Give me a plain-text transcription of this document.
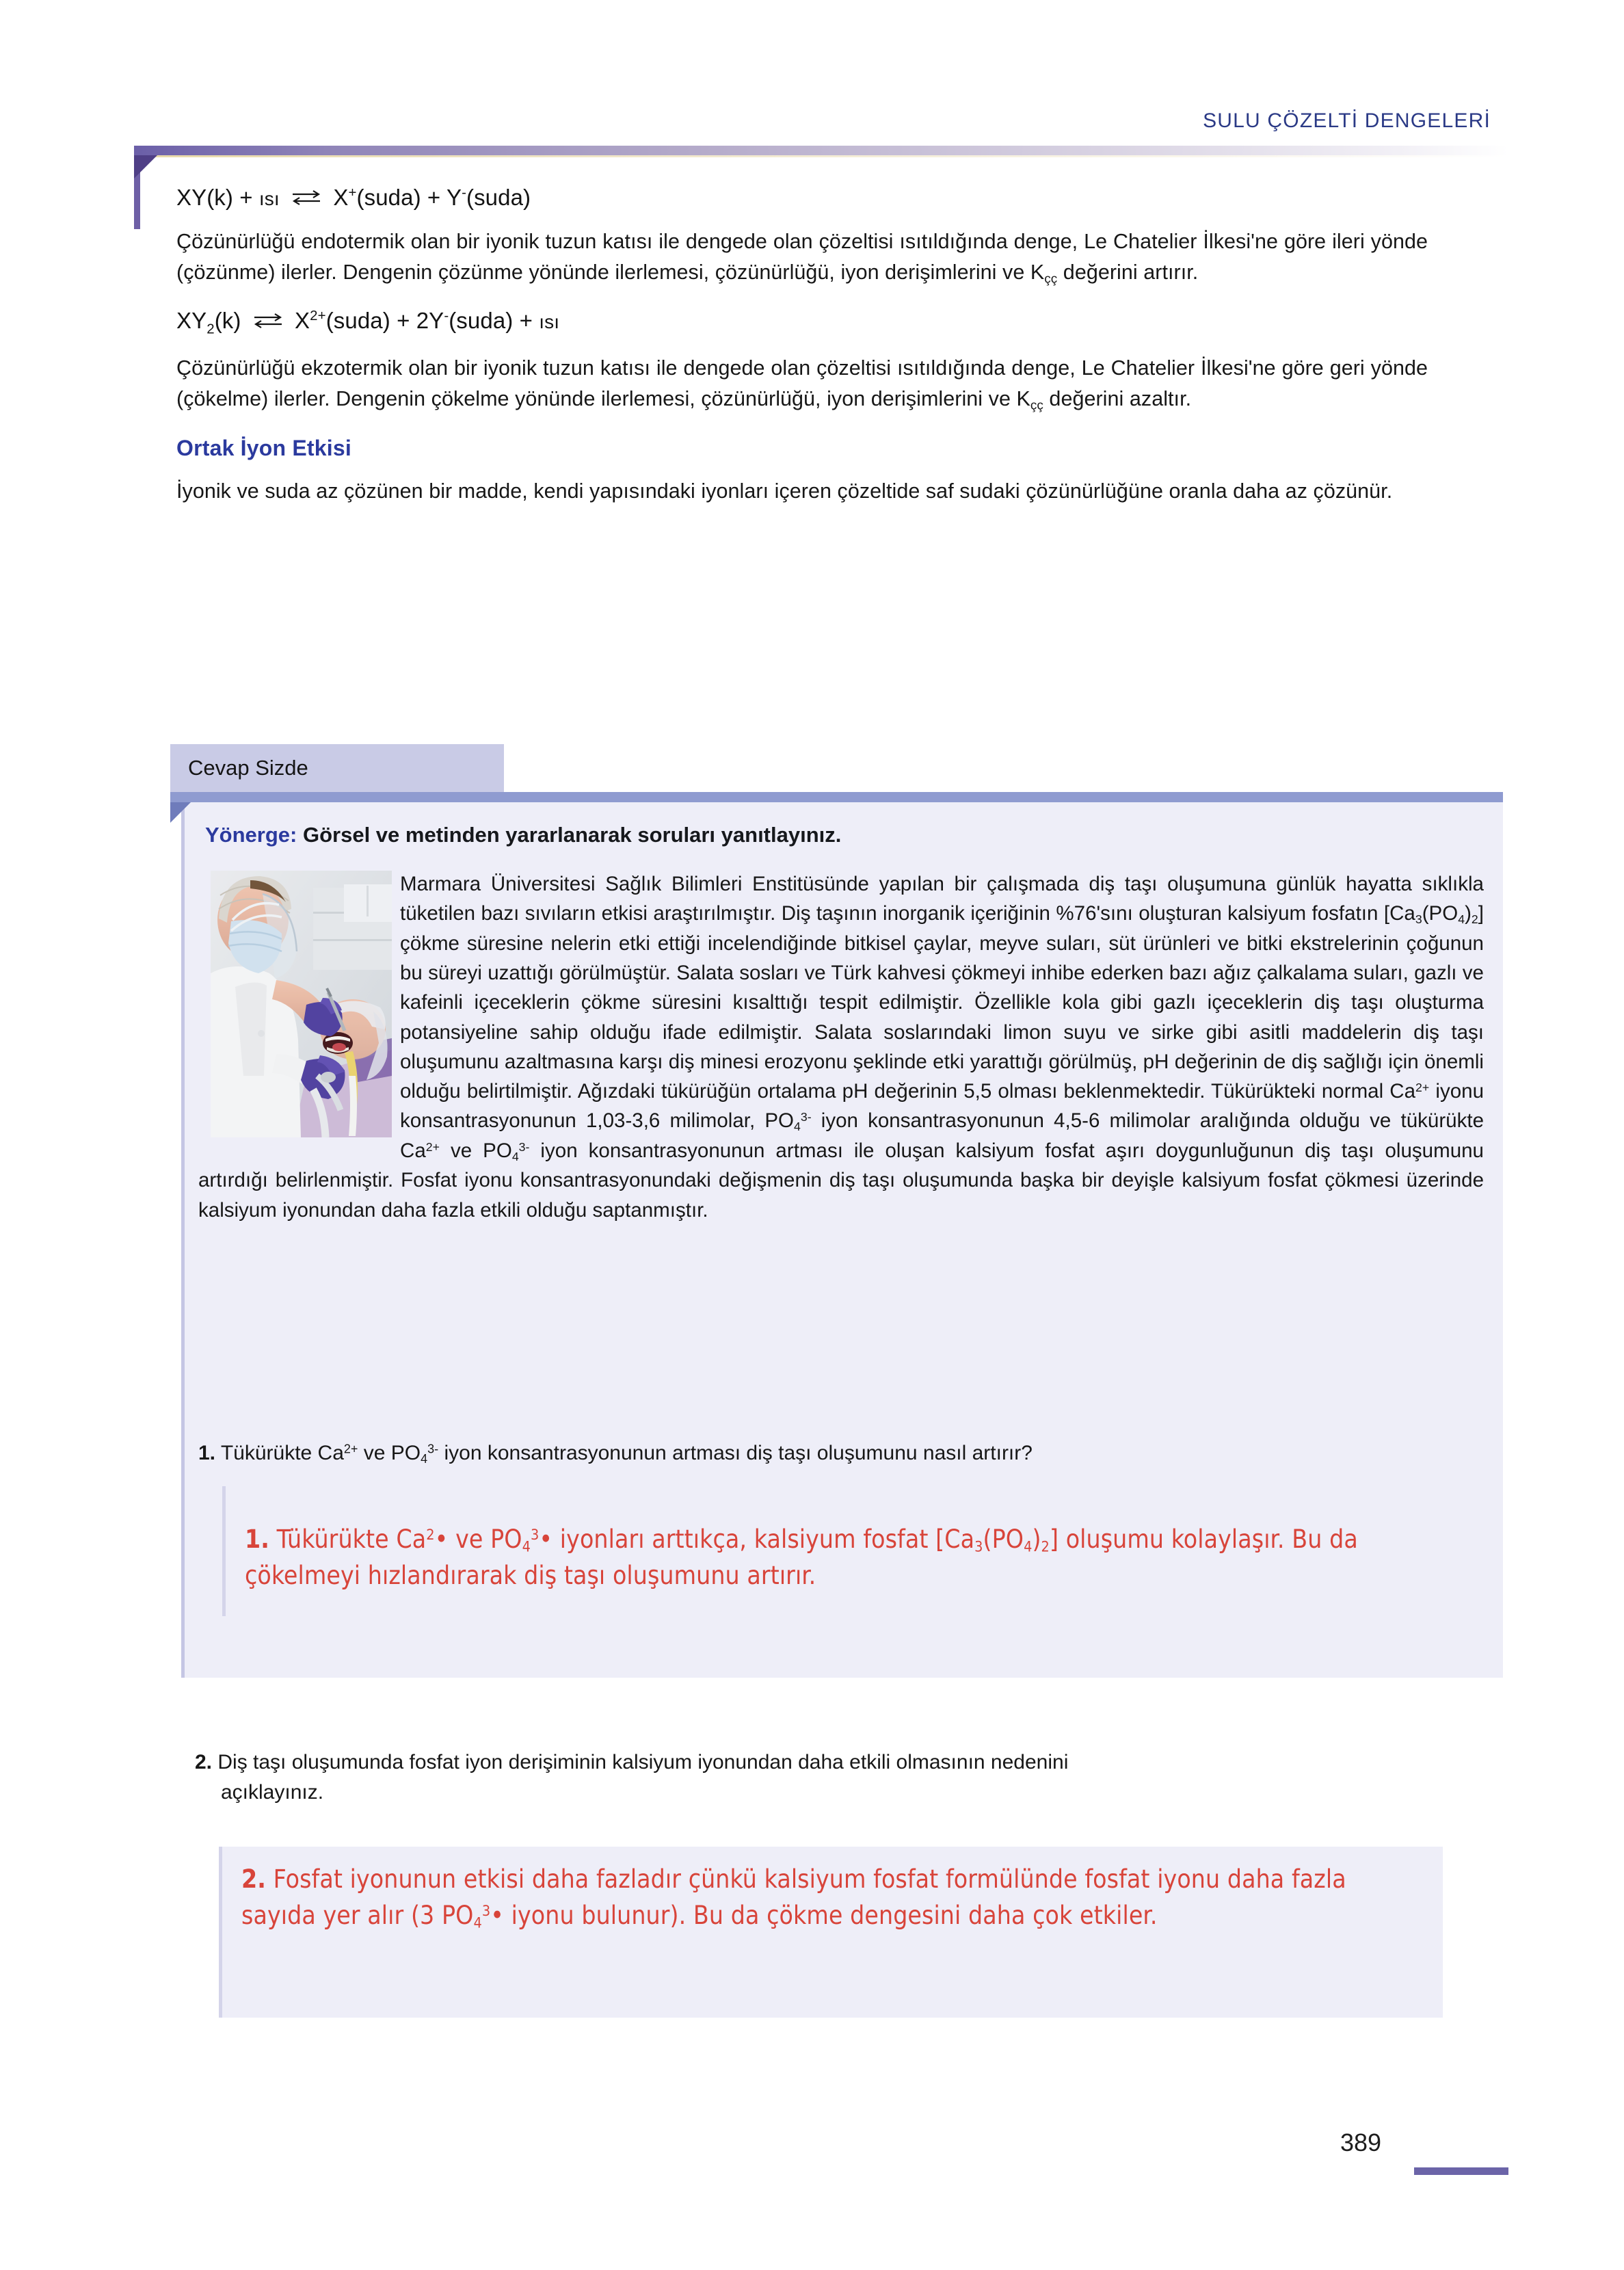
SULU ÇÖZELTİ DENGELERİ
XY(k) + ısı ⇌ X+(suda) + Y-(suda)

Çözünürlüğü endotermik olan bir iyonik tuzun katısı ile dengede olan çözeltisi ısıtıldığında denge, Le Chatelier İlkesi'ne göre ileri yönde (çözünme) ilerler. Dengenin çözünme yönünde ilerlemesi, çözünürlüğü, iyon derişimlerini ve $K_{çç}$ değerini artırır.

$XY_2(k)$ ⇌ $X^{2+}(suda)$ + 2Y-(suda) + ısı

Çözünürlüğü ekzotermik olan bir iyonik tuzun katısı ile dengede olan çözeltisi ısıtıldığında denge, Le Chatelier İlkesi'ne göre geri yönde (çökelme) ilerler. Dengenin çökelme yönünde ilerlemesi, çözünürlüğü, iyon derişimlerini ve $K_{çç}$ değerini azaltır.

Ortak İyon Etkisi

İyonik ve suda az çözünen bir madde, kendi yapısındaki iyonları içeren çözeltide saf sudaki çözünürlüğüne oranla daha az çözünür.

Cevap Sizde
Yönerge: Görsel ve metinden yararlanarak soruları yanıtlayınız.
Marmara Üniversitesi Sağlık Bilimleri Enstitüsünde yapılan bir çalışmada diş taşı oluşumuna günlük hayatta sıklıkla tüketilen bazı sıvıların etkisi araştırılmıştır. Diş taşının inorganik içeriğinin %76'sını oluşturan kalsiyum fosfatın $[Ca_3(PO_4)_2]$ çökme süresine nelerin etki ettiği incelendiğinde bitkisel çaylar, meyve suları, süt ürünleri ve bitki ekstrelerinin çoğunun bu süreyi uzattığı görülmüştür. Salata sosları ve Türk kahvesi çökmeyi inhibe ederken bazı ağız çalkalama suları, gazlı ve kafeinli içeceklerin çökme süresini kısalttığı tespit edilmiştir. Özellikle kola gibi gazlı içeceklerin diş taşı oluşturma potansiyeline sahip olduğu ifade edilmiştir. Salata soslarındaki limon suyu ve sirke gibi asitli maddelerin diş taşı oluşumunu azaltmasına karşı diş minesi erozyonu şeklinde etki yarattığı görülmüş, pH değerinin de diş sağlığı için önemli olduğu belirtilmiştir. Ağızdaki tükürüğün ortalama pH değerinin 5,5 olması beklenmektedir. Tükürükteki normal $Ca^{2+}$ iyonu konsantrasyonunun 1,03-3,6 milimolar, $PO_4^{3-}$ iyon konsantrasyonunun 4,5-6 milimolar aralığında olduğu ve tükürükte $Ca^{2+}$ ve $PO_4^{3-}$ iyon konsantrasyonunun artması ile oluşan kalsiyum fosfat aşırı doygunluğunun diş taşı oluşumunu artırdığı belirlenmiştir. Fosfat iyonu konsantrasyonundaki değişmenin diş taşı oluşumunda başka bir deyişle kalsiyum fosfat çökmesi üzerinde kalsiyum iyonundan daha fazla etkili olduğu saptanmıştır.
1. Tükürükte $Ca^{2+}$ ve $PO_4^{3-}$ iyon konsantrasyonunun artması diş taşı oluşumunu nasıl artırır?
1. Tükürükte Ca$^2$• ve $PO_4^3•$ iyonları arttıkça, kalsiyum fosfat $[Ca_3(PO_4)_2]$ oluşumu kolaylaşır. Bu da çökelmeyi hızlandırarak diş taşı oluşumunu artırır.
2. Diş taşı oluşumunda fosfat iyon derişiminin kalsiyum iyonundan daha etkili olmasının nedenini
açıklayınız.
2. Fosfat iyonunun etkisi daha fazladır çünkü kalsiyum fosfat formülünde fosfat iyonu daha fazla sayıda yer alır (3 $PO_4^3•$ iyonu bulunur). Bu da çökme dengesini daha çok etkiler.
389
